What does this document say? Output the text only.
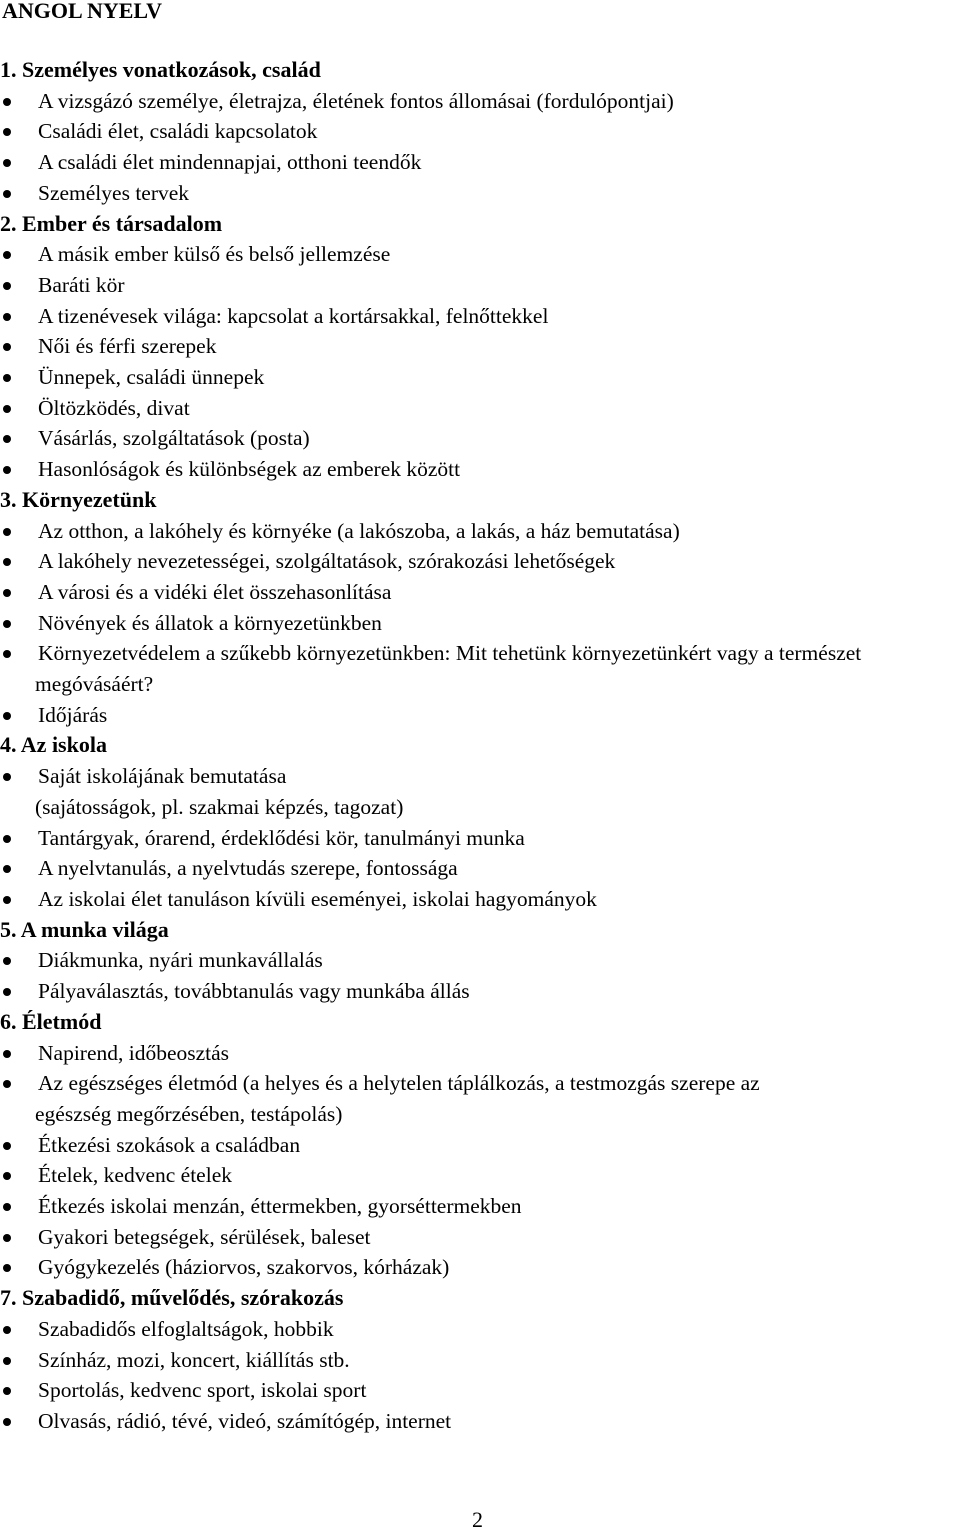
ANGOL NYELV
1. Személyes vonatkozások, család
A vizsgázó személye, életrajza, életének fontos állomásai (fordulópontjai)
Családi élet, családi kapcsolatok
A családi élet mindennapjai, otthoni teendők
Személyes tervek
2. Ember és társadalom
A másik ember külső és belső jellemzése
Baráti kör
A tizenévesek világa: kapcsolat a kortársakkal, felnőttekkel
Női és férfi szerepek
Ünnepek, családi ünnepek
Öltözködés, divat
Vásárlás, szolgáltatások (posta)
Hasonlóságok és különbségek az emberek között
3. Környezetünk
Az otthon, a lakóhely és környéke (a lakószoba, a lakás, a ház bemutatása)
A lakóhely nevezetességei, szolgáltatások, szórakozási lehetőségek
A városi és a vidéki élet összehasonlítása
Növények és állatok a környezetünkben
Környezetvédelem a szűkebb környezetünkben: Mit tehetünk környezetünkért vagy a természet
megóvásáért?
Időjárás
4. Az iskola
Saját iskolájának bemutatása
(sajátosságok, pl. szakmai képzés, tagozat)
Tantárgyak, órarend, érdeklődési kör, tanulmányi munka
A nyelvtanulás, a nyelvtudás szerepe, fontossága
Az iskolai élet tanuláson kívüli eseményei, iskolai hagyományok
5. A munka világa
Diákmunka, nyári munkavállalás
Pályaválasztás, továbbtanulás vagy munkába állás
6. Életmód
Napirend, időbeosztás
Az egészséges életmód (a helyes és a helytelen táplálkozás, a testmozgás szerepe az
egészség megőrzésében, testápolás)
Étkezési szokások a családban
Ételek, kedvenc ételek
Étkezés iskolai menzán, éttermekben, gyorséttermekben
Gyakori betegségek, sérülések, baleset
Gyógykezelés (háziorvos, szakorvos, kórházak)
7. Szabadidő, művelődés, szórakozás
Szabadidős elfoglaltságok, hobbik
Színház, mozi, koncert, kiállítás stb.
Sportolás, kedvenc sport, iskolai sport
Olvasás, rádió, tévé, videó, számítógép, internet
2
